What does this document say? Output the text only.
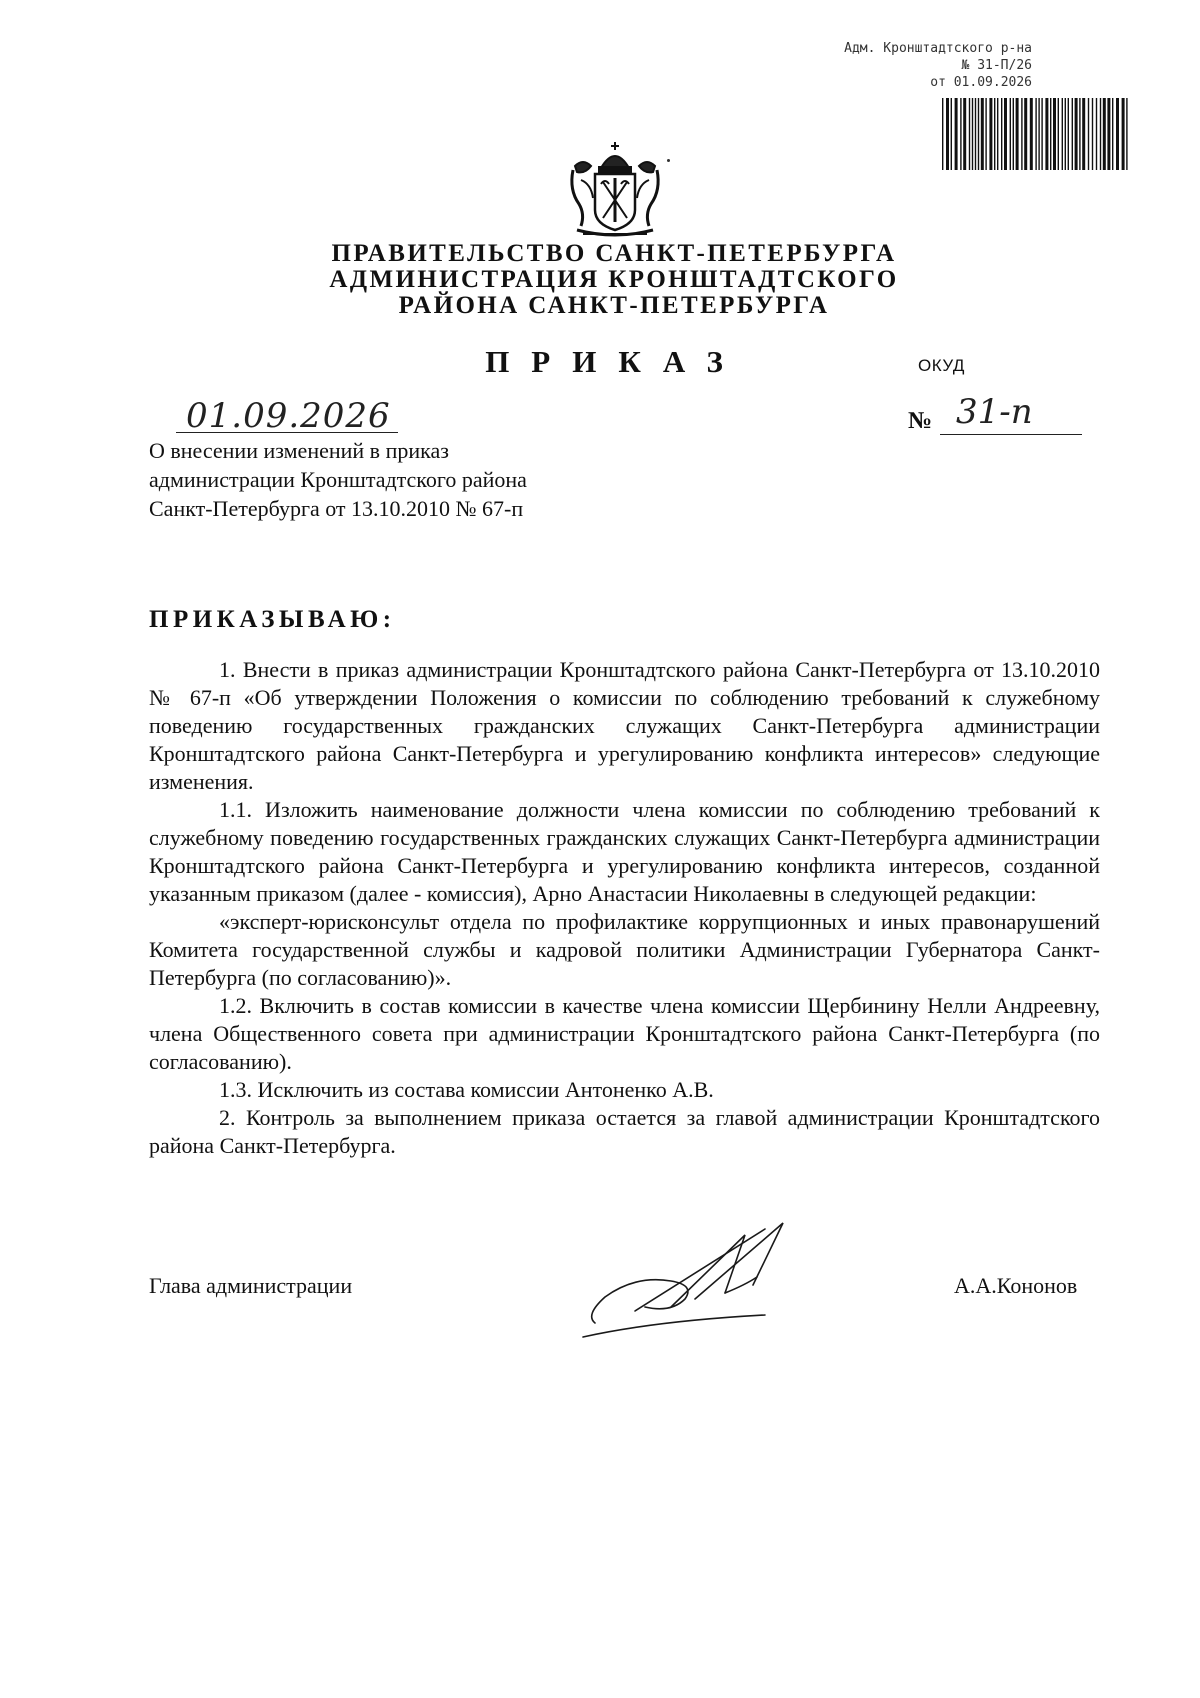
Адм. Кронштадтского р-на
№ 31-П/26
от 01.09.2026
ПРАВИТЕЛЬСТВО САНКТ-ПЕТЕРБУРГА
АДМИНИСТРАЦИЯ КРОНШТАДТСКОГО
РАЙОНА САНКТ-ПЕТЕРБУРГА
ПРИКАЗ	ОКУД
01.09.2026	№ 31-п
О внесении изменений в приказ
администрации Кронштадтского района
Санкт-Петербурга от 13.10.2010 № 67-п
ПРИКАЗЫВАЮ:

1. Внести в приказ администрации Кронштадтского района Санкт-Петербурга от 13.10.2010 № 67-п «Об утверждении Положения о комиссии по соблюдению требований к служебному поведению государственных гражданских служащих Санкт-Петербурга администрации Кронштадтского района Санкт-Петербурга и урегулированию конфликта интересов» следующие изменения.

1.1. Изложить наименование должности члена комиссии по соблюдению требований к служебному поведению государственных гражданских служащих Санкт-Петербурга администрации Кронштадтского района Санкт-Петербурга и урегулированию конфликта интересов, созданной указанным приказом (далее - комиссия), Арно Анастасии Николаевны в следующей редакции:

«эксперт-юрисконсульт отдела по профилактике коррупционных и иных правонарушений Комитета государственной службы и кадровой политики Администрации Губернатора Санкт-Петербурга (по согласованию)».

1.2. Включить в состав комиссии в качестве члена комиссии Щербинину Нелли Андреевну, члена Общественного совета при администрации Кронштадтского района Санкт-Петербурга (по согласованию).

1.3. Исключить из состава комиссии Антоненко А.В.

2. Контроль за выполнением приказа остается за главой администрации Кронштадтского района Санкт-Петербурга.

Глава администрации	А.А.Кононов
